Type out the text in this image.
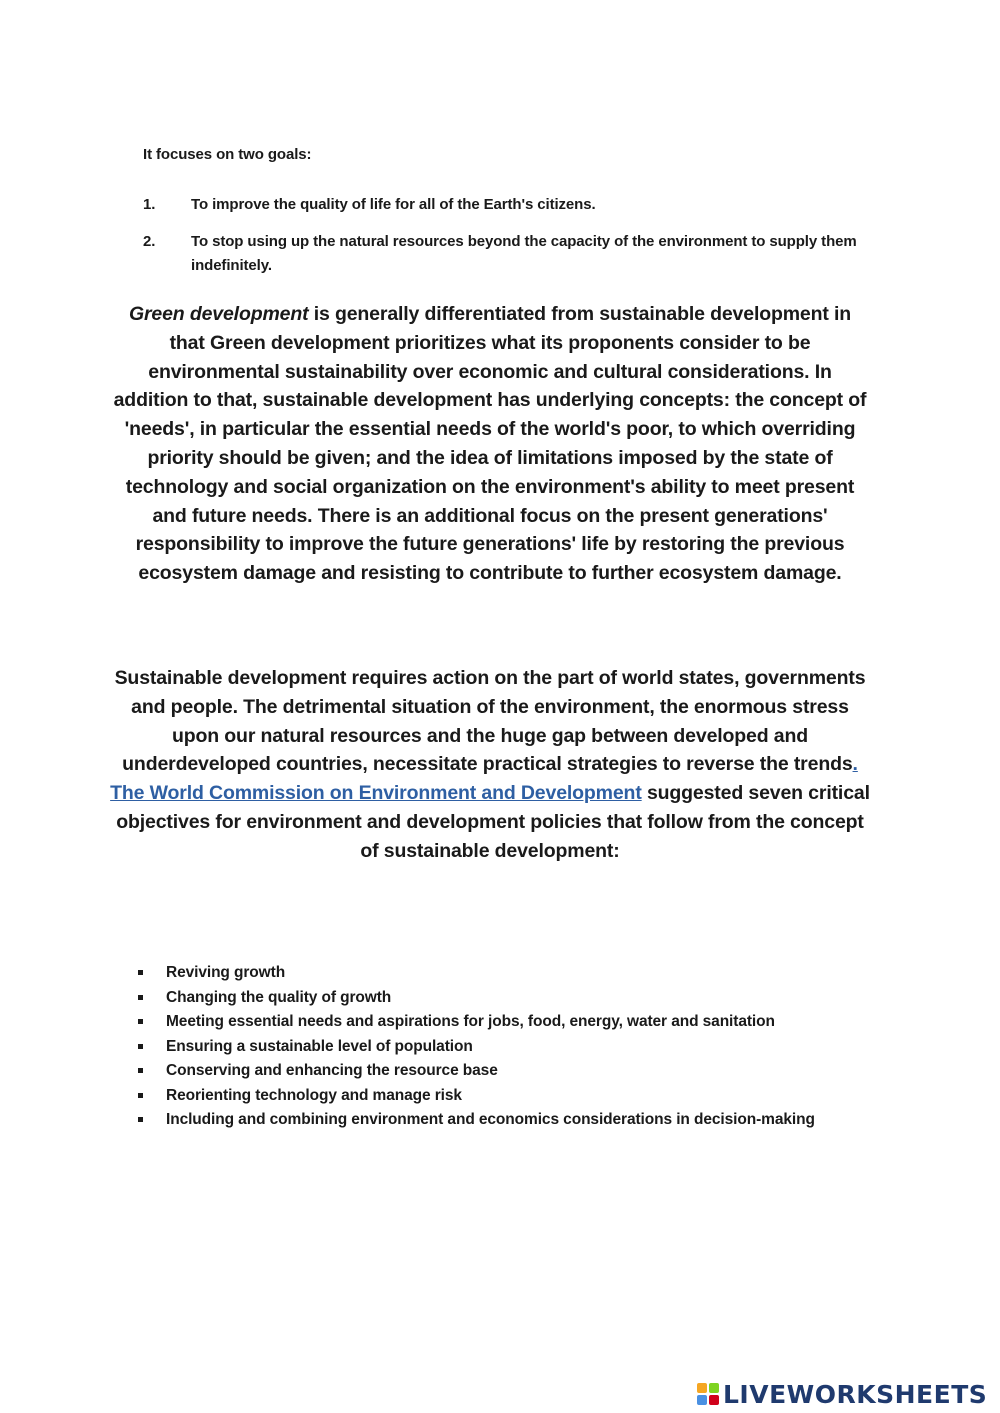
It focuses on two goals:
1.	To improve the quality of life for all of the Earth's citizens.
2.	To stop using up the natural resources beyond the capacity of the environment to supply them indefinitely.

Green development is generally differentiated from sustainable development in that Green development prioritizes what its proponents consider to be environmental sustainability over economic and cultural considerations. In addition to that, sustainable development has underlying concepts: the concept of 'needs', in particular the essential needs of the world's poor, to which overriding priority should be given; and the idea of limitations imposed by the state of technology and social organization on the environment's ability to meet present and future needs. There is an additional focus on the present generations' responsibility to improve the future generations' life by restoring the previous ecosystem damage and resisting to contribute to further ecosystem damage.

Sustainable development requires action on the part of world states, governments and people. The detrimental situation of the environment, the enormous stress upon our natural resources and the huge gap between developed and underdeveloped countries, necessitate practical strategies to reverse the trends. The World Commission on Environment and Development suggested seven critical objectives for environment and development policies that follow from the concept of sustainable development:

Reviving growth
Changing the quality of growth
Meeting essential needs and aspirations for jobs, food, energy, water and sanitation
Ensuring a sustainable level of population
Conserving and enhancing the resource base
Reorienting technology and manage risk
Including and combining environment and economics considerations in decision-making
LIVEWORKSHEETS
